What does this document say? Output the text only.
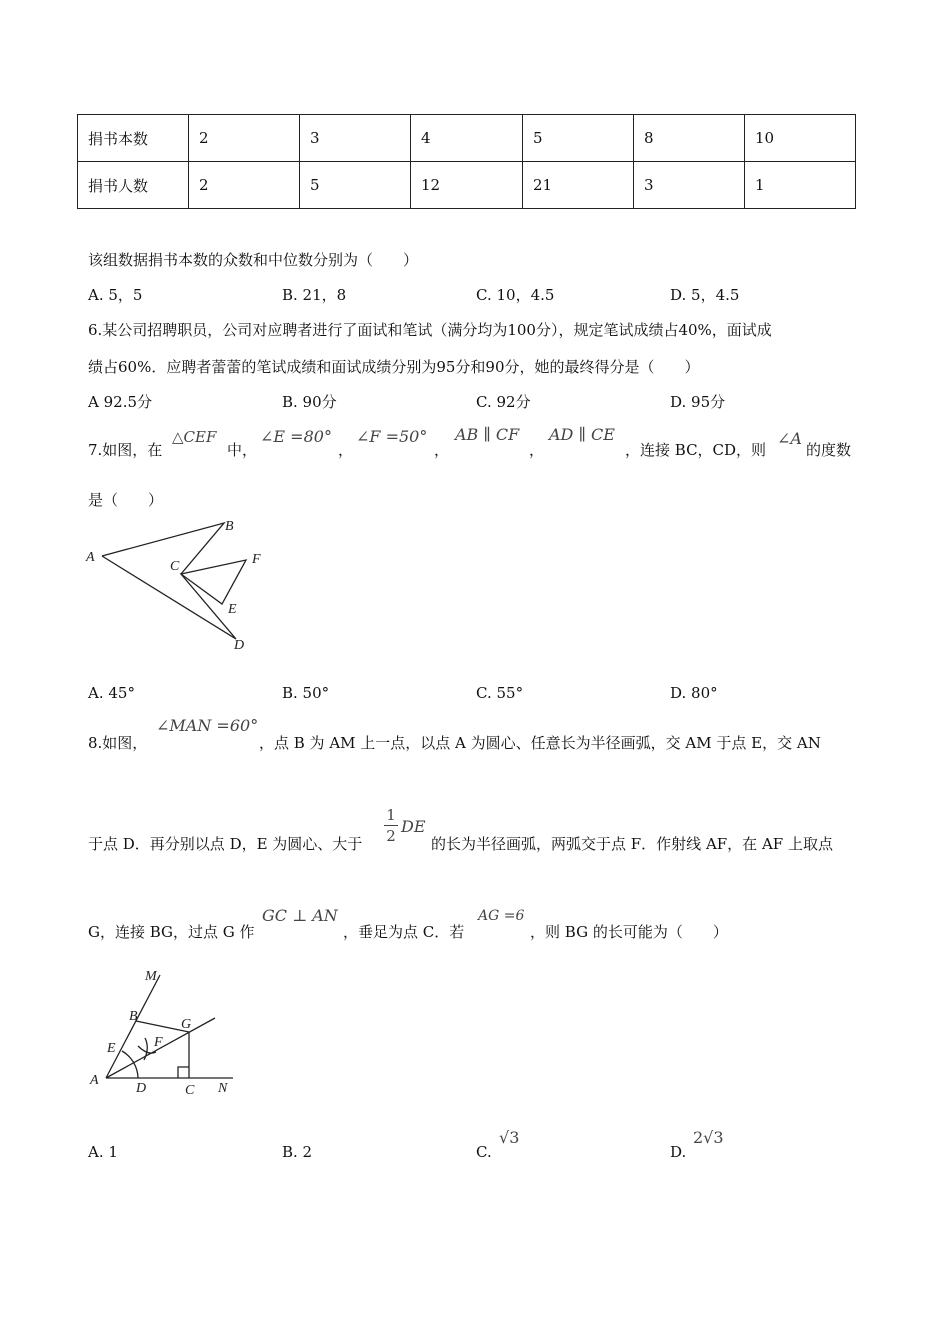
捐书本数	2	3	4	5	8	10
捐书人数	2	5	12	21	3	1
该组数据捐书本数的众数和中位数分别为（　　）
A. 5，5	B. 21，8	C. 10，4.5	D. 5，4.5
6.某公司招聘职员，公司对应聘者进行了面试和笔试（满分均为100分），规定笔试成绩占40%，面试成
绩占60%．应聘者蕾蕾的笔试成绩和面试成绩分别为95分和90分，她的最终得分是（　　）
A 92.5分	B. 90分	C. 92分	D. 95分
7.如图，在
△CEF
中，
∠E =80°
，
∠F =50°
，
AB ∥ CF
，
AD ∥ CE
，连接 BC，CD，则
∠A
的度数
是（　　）
A
B
C	F
E
D
A. 45°	B. 50°	C. 55°	D. 80°
8.如图，
∠MAN =60°
，点 B 为 AM 上一点，以点 A 为圆心、任意长为半径画弧，交 AM 于点 E，交 AN
于点 D．再分别以点 D，E 为圆心、大于
1
2 DE
的长为半径画弧，两弧交于点 F．作射线 AF，在 AF 上取点
G，连接 BG，过点 G 作
GC ⊥ AN
，垂足为点 C．若
AG =6
，则 BG 的长可能为（　　）
M
B
G
E	F
A
D	C N
A. 1	B. 2	C.
√3
D.
2√3
